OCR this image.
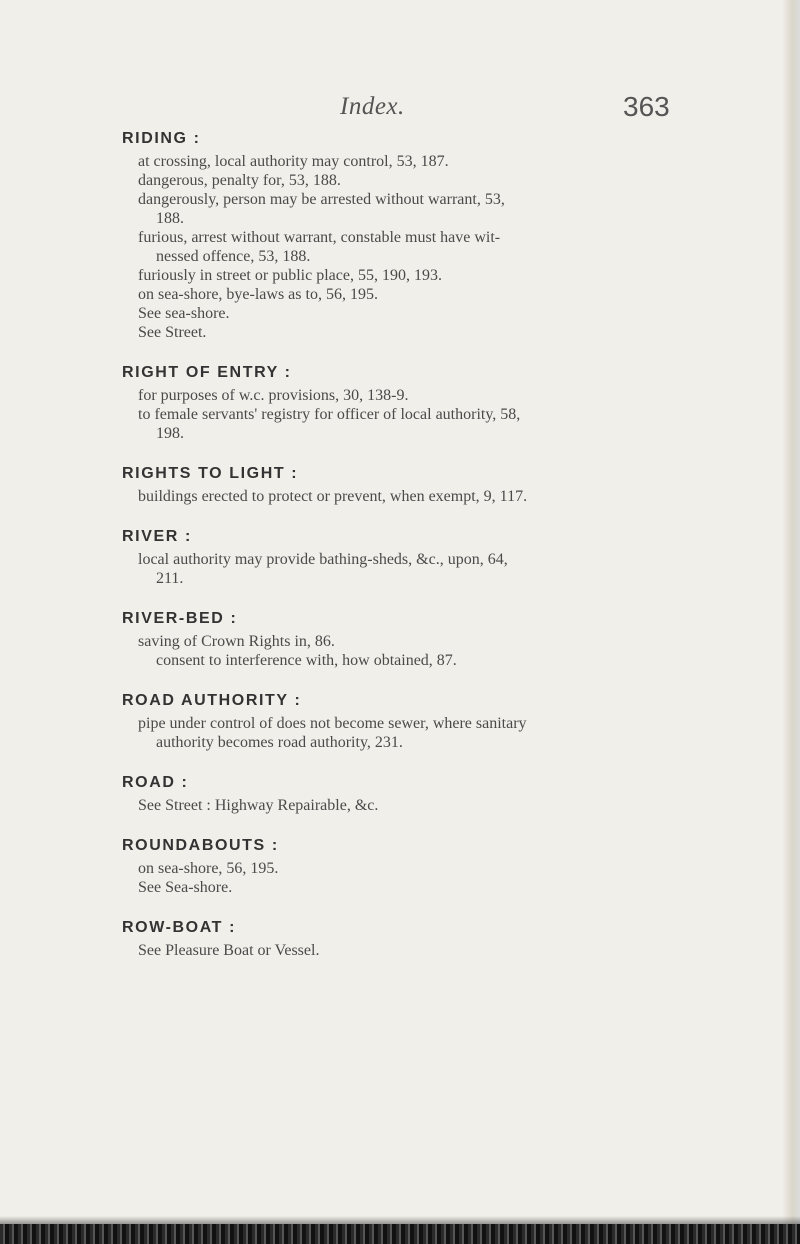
Index.	363
RIDING :
at crossing, local authority may control, 53, 187.
dangerous, penalty for, 53, 188.
dangerously, person may be arrested without warrant, 53,
188.
furious, arrest without warrant, constable must have wit-
nessed offence, 53, 188.
furiously in street or public place, 55, 190, 193.
on sea-shore, bye-laws as to, 56, 195.
See sea-shore.
See Street.
RIGHT OF ENTRY :
for purposes of w.c. provisions, 30, 138-9.
to female servants' registry for officer of local authority, 58,
198.
RIGHTS TO LIGHT :
buildings erected to protect or prevent, when exempt, 9, 117.
RIVER :
local authority may provide bathing-sheds, &c., upon, 64,
211.
RIVER-BED :
saving of Crown Rights in, 86.
consent to interference with, how obtained, 87.
ROAD AUTHORITY :
pipe under control of does not become sewer, where sanitary
authority becomes road authority, 231.
ROAD :
See Street : Highway Repairable, &c.
ROUNDABOUTS :
on sea-shore, 56, 195.
See Sea-shore.
ROW-BOAT :
See Pleasure Boat or Vessel.
